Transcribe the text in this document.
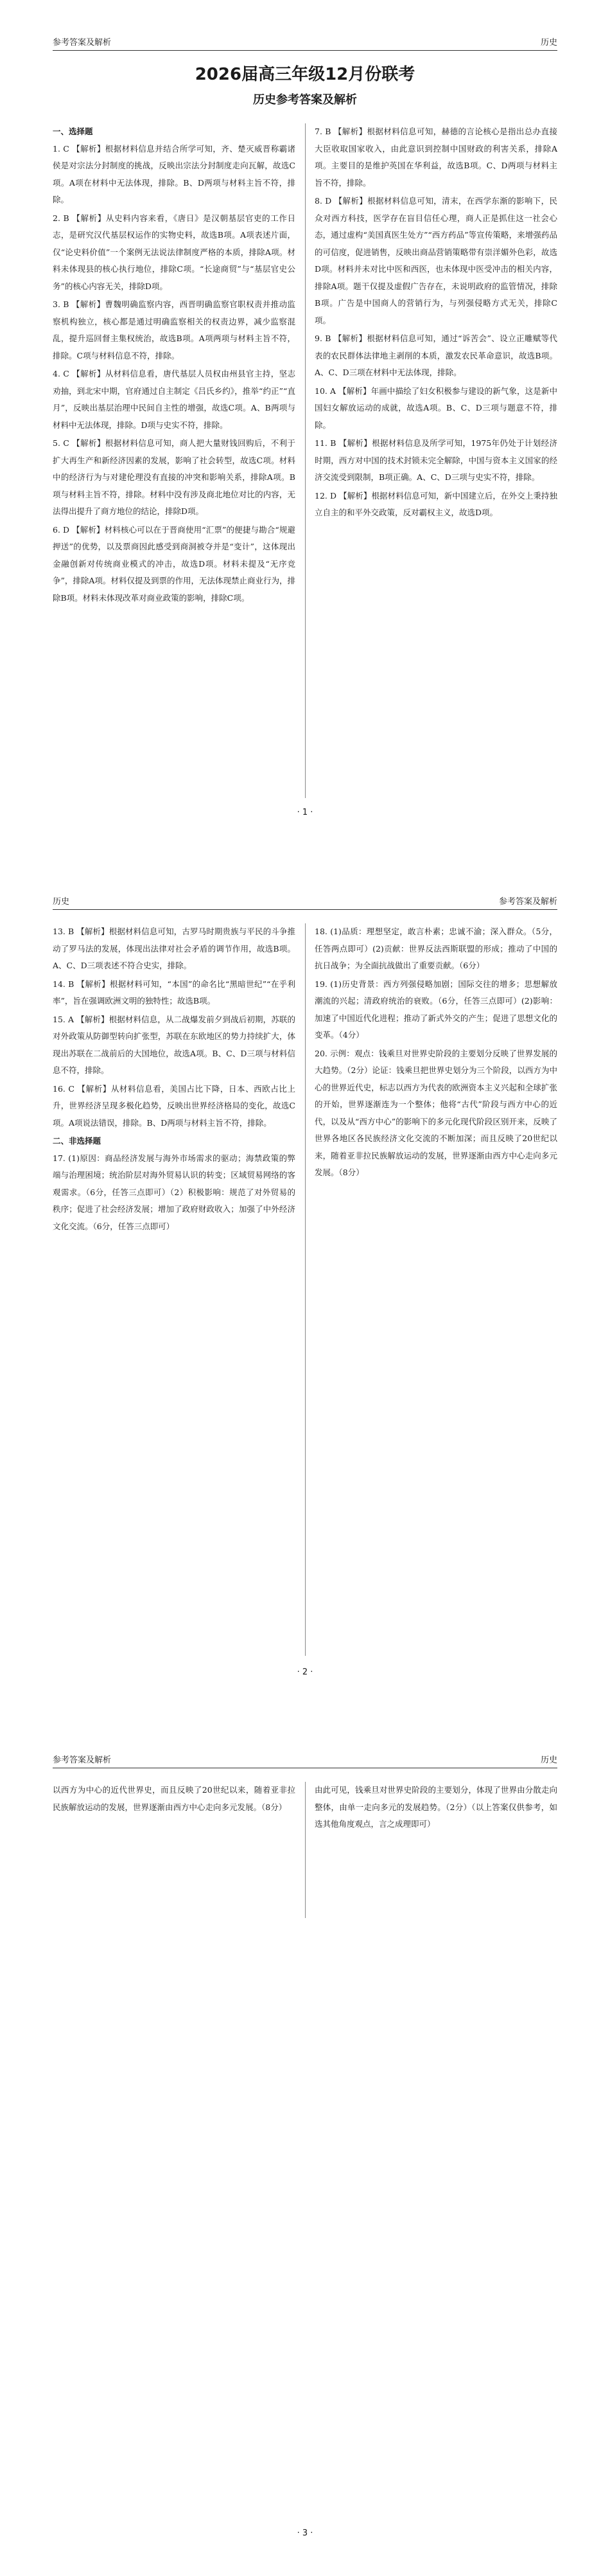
参考答案及解析	历史
2026届高三年级12月份联考
历史参考答案及解析
一、选择题

1. C 【解析】根据材料信息并结合所学可知，齐、楚灭威晋称霸诸侯是对宗法分封制度的挑战，反映出宗法分封制度走向瓦解，故选C项。A项在材料中无法体现，排除。B、D两项与材料主旨不符，排除。

2. B 【解析】从史料内容来看，《唐日》是汉朝基层官吏的工作日志，是研究汉代基层权运作的实物史料，故选B项。A项表述片面，仅“论史料价值”一个案例无法说法律制度严格的本质，排除A项。材料未体现县的核心执行地位，排除C项。“长途商贸”与“基层官史公务”的核心内容无关，排除D项。

3. B 【解析】曹魏明确监察内容，西晋明确监察官职权责并推动监察机构独立，核心都是通过明确监察相关的权责边界，减少监察混乱，提升巡回督主集权统治，故选B项。A项两项与材料主旨不符，排除。C项与材料信息不符，排除。

4. C 【解析】从材料信息看，唐代基层人员权由州县官主持，坚志劝抽，到北宋中期，官府通过自主制定《吕氏乡约》，推举“约正”“直月”，反映出基层治理中民间自主性的增强，故选C项。A、B两项与材料中无法体现，排除。D项与史实不符，排除。

5. C 【解析】根据材料信息可知，商人把大量财钱回购后，不利于扩大再生产和新经济因素的发展，影响了社会转型，故选C项。材料中的经济行为与对建伦理没有直接的冲突和影响关系，排除A项。B项与材料主旨不符，排除。材料中没有涉及商北地位对比的内容，无法得出提升了商方地位的结论，排除D项。

6. D 【解析】材料核心可以在于晋商使用“汇票”的便捷与勘合“规避押送”的优势，以及票商因此感受到商洞被夺并是“变计”，这体现出金融创新对传统商业模式的冲击，故选D项。材料未提及“无序竞争”，排除A项。材料仅提及到票的作用，无法体现禁止商业行为，排除B项。材料未体现改革对商业政策的影响，排除C项。

7. B 【解析】根据材料信息可知，赫德的言论核心是指出总办直接大臣收取国家收入，由此意识到控制中国财政的利害关系，排除A项。主要目的是维护英国在华利益，故选B项。C、D两项与材料主旨不符，排除。

8. D 【解析】根据材料信息可知，清末，在西学东渐的影响下，民众对西方科技，医学存在盲目信任心理，商人正是抓住这一社会心态，通过虚构“美国真医生处方”“西方药品”等宣传策略，来增强药品的可信度，促进销售，反映出商品营销策略带有崇洋媚外色彩，故选D项。材料并未对比中医和西医，也未体现中医受冲击的相关内容，排除A项。题干仅提及虚假广告存在，未说明政府的监管情况，排除B项。广告是中国商人的营销行为，与列强侵略方式无关，排除C项。

9. B 【解析】根据材料信息可知，通过“诉苦会”、设立正雕赋等代表的农民群体法律地主剥削的本质，激发农民革命意识，故选B项。A、C、D三项在材料中无法体现，排除。

10. A 【解析】年画中描绘了妇女积极参与建设的新气象，这是新中国妇女解放运动的成就，故选A项。B、C、D三项与题意不符，排除。

11. B 【解析】根据材料信息及所学可知，1975年仍处于计划经济时期，西方对中国的技术封锁未完全解除，中国与资本主义国家的经济交流受到限制，B项正确。A、C、D三项与史实不符，排除。

12. D 【解析】根据材料信息可知，新中国建立后，在外交上秉持独立自主的和平外交政策，反对霸权主义，故选D项。

· 1 ·
历史	参考答案及解析

13. B 【解析】根据材料信息可知，古罗马时期贵族与平民的斗争推动了罗马法的发展，体现出法律对社会矛盾的调节作用，故选B项。A、C、D三项表述不符合史实，排除。

14. B 【解析】根据材料可知，“本国”的命名比“黑暗世纪”“在乎利率”，旨在强调欧洲文明的独特性；故选B项。

15. A 【解析】根据材料信息，从二战爆发前夕到战后初期，苏联的对外政策从防御型转向扩张型，苏联在东欧地区的势力持续扩大，体现出苏联在二战前后的大国地位，故选A项。B、C、D三项与材料信息不符，排除。

16. C 【解析】从材料信息看，美国占比下降，日本、西欧占比上升，世界经济呈现多极化趋势，反映出世界经济格局的变化，故选C项。A项说法错误，排除。B、D两项与材料主旨不符，排除。

二、非选择题

17. (1)原因：商品经济发展与海外市场需求的驱动；海禁政策的弊端与治理困境；统治阶层对海外贸易认识的转变；区域贸易网络的客观需求。（6分，任答三点即可）（2）积极影响：规范了对外贸易的秩序；促进了社会经济发展；增加了政府财政收入；加强了中外经济文化交流。（6分，任答三点即可）

18. (1)品质：理想坚定，敢言朴素；忠诚不渝；深入群众。（5分，任答两点即可）(2)贡献：世界反法西斯联盟的形成；推动了中国的抗日战争；为全面抗战做出了重要贡献。（6分）

19. (1)历史背景：西方列强侵略加剧；国际交往的增多；思想解放潮流的兴起；清政府统治的衰败。（6分，任答三点即可）(2)影响：加速了中国近代化进程；推动了新式外交的产生；促进了思想文化的变革。（4分）

20. 示例：观点：钱乘旦对世界史阶段的主要划分反映了世界发展的大趋势。（2分）论证：钱乘旦把世界史划分为三个阶段，以西方为中心的世界近代史，标志以西方为代表的欧洲资本主义兴起和全球扩张的开始，世界逐渐连为一个整体；他将“古代”阶段与西方中心的近代，以及从“西方中心”的影响下的多元化现代阶段区别开来，反映了世界各地区各民族经济文化交流的不断加深；而且反映了20世纪以来，随着亚非拉民族解放运动的发展，世界逐渐由西方中心走向多元发展。（8分）

· 2 ·
参考答案及解析	历史

以西方为中心的近代世界史，而且反映了20世纪以来，随着亚非拉民族解放运动的发展，世界逐渐由西方中心走向多元发展。（8分）

由此可见，钱乘旦对世界史阶段的主要划分，体现了世界由分散走向整体，由单一走向多元的发展趋势。（2分）（以上答案仅供参考，如选其他角度观点，言之成理即可）

· 3 ·
